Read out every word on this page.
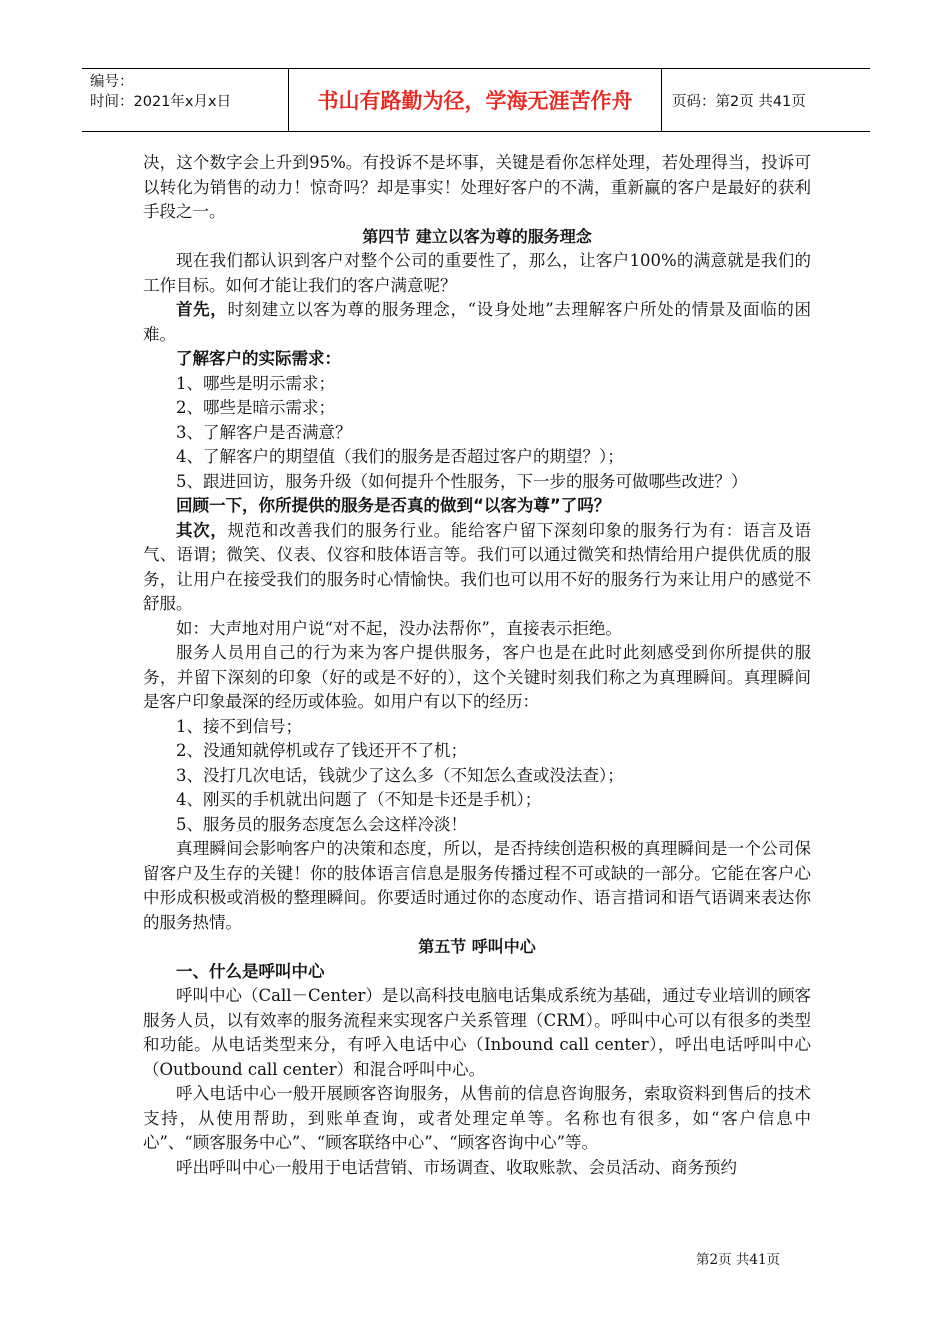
编号：
时间：2021年x月x日	书山有路勤为径，学海无涯苦作舟	页码：第2页 共41页

决，这个数字会上升到95%。有投诉不是坏事，关键是看你怎样处理，若处理得当，投诉可以转化为销售的动力！惊奇吗？却是事实！处理好客户的不满，重新赢的客户是最好的获利手段之一。

第四节 建立以客为尊的服务理念

现在我们都认识到客户对整个公司的重要性了，那么，让客户100%的满意就是我们的工作目标。如何才能让我们的客户满意呢？

首先，时刻建立以客为尊的服务理念，“设身处地”去理解客户所处的情景及面临的困难。

了解客户的实际需求：

1、哪些是明示需求；

2、哪些是暗示需求；

3、了解客户是否满意？

4、了解客户的期望值（我们的服务是否超过客户的期望？）；

5、跟进回访，服务升级（如何提升个性服务，下一步的服务可做哪些改进？）

回顾一下，你所提供的服务是否真的做到“以客为尊”了吗？

其次，规范和改善我们的服务行业。能给客户留下深刻印象的服务行为有：语言及语气、语谓；微笑、仪表、仪容和肢体语言等。我们可以通过微笑和热情给用户提供优质的服务，让用户在接受我们的服务时心情愉快。我们也可以用不好的服务行为来让用户的感觉不舒服。

如：大声地对用户说“对不起，没办法帮你”，直接表示拒绝。

服务人员用自己的行为来为客户提供服务，客户也是在此时此刻感受到你所提供的服务，并留下深刻的印象（好的或是不好的），这个关键时刻我们称之为真理瞬间。真理瞬间是客户印象最深的经历或体验。如用户有以下的经历：

1、接不到信号；

2、没通知就停机或存了钱还开不了机；

3、没打几次电话，钱就少了这么多（不知怎么查或没法查）；

4、刚买的手机就出问题了（不知是卡还是手机）；

5、服务员的服务态度怎么会这样冷淡！

真理瞬间会影响客户的决策和态度，所以，是否持续创造积极的真理瞬间是一个公司保留客户及生存的关键！你的肢体语言信息是服务传播过程不可或缺的一部分。它能在客户心中形成积极或消极的整理瞬间。你要适时通过你的态度动作、语言措词和语气语调来表达你的服务热情。

第五节 呼叫中心

一、什么是呼叫中心

呼叫中心（Call－Center）是以高科技电脑电话集成系统为基础，通过专业培训的顾客服务人员，以有效率的服务流程来实现客户关系管理（CRM）。呼叫中心可以有很多的类型和功能。从电话类型来分，有呼入电话中心（Inbound call center），呼出电话呼叫中心（Outbound call center）和混合呼叫中心。

呼入电话中心一般开展顾客咨询服务，从售前的信息咨询服务，索取资料到售后的技术支持，从使用帮助，到账单查询，或者处理定单等。名称也有很多，如“客户信息中心”、“顾客服务中心”、“顾客联络中心”、“顾客咨询中心”等。

呼出呼叫中心一般用于电话营销、市场调查、收取账款、会员活动、商务预约

第2页 共41页
